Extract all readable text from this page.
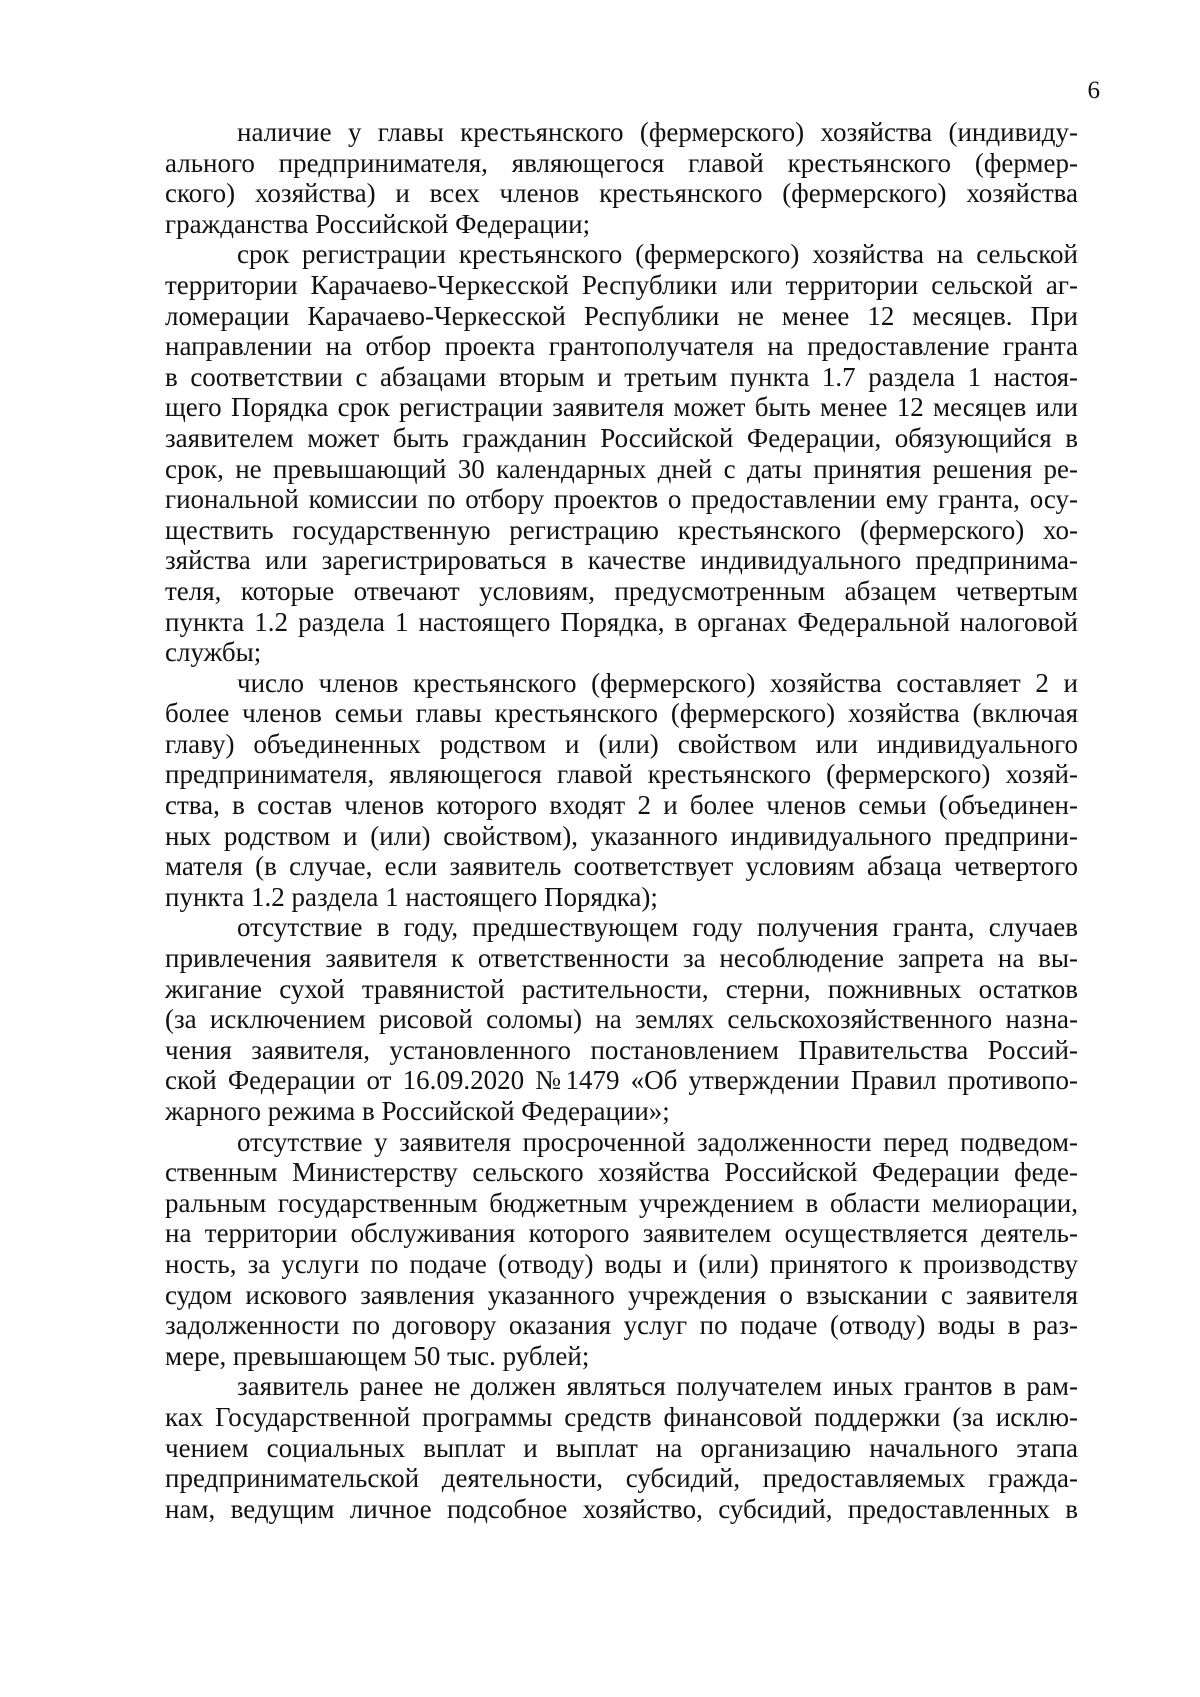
6
наличие у главы крестьянского (фермерского) хозяйства (индивиду-
ального предпринимателя, являющегося главой крестьянского (фермер-
ского) хозяйства) и всех членов крестьянского (фермерского) хозяйства
гражданства Российской Федерации;
срок регистрации крестьянского (фермерского) хозяйства на сельской
территории Карачаево-Черкесской Республики или территории сельской аг-
ломерации Карачаево-Черкесской Республики не менее 12 месяцев. При
направлении на отбор проекта грантополучателя на предоставление гранта
в соответствии с абзацами вторым и третьим пункта 1.7 раздела 1 настоя-
щего Порядка срок регистрации заявителя может быть менее 12 месяцев или
заявителем может быть гражданин Российской Федерации, обязующийся в
срок, не превышающий 30 календарных дней с даты принятия решения ре-
гиональной комиссии по отбору проектов о предоставлении ему гранта, осу-
ществить государственную регистрацию крестьянского (фермерского) хо-
зяйства или зарегистрироваться в качестве индивидуального предпринима-
теля, которые отвечают условиям, предусмотренным абзацем четвертым
пункта 1.2 раздела 1 настоящего Порядка, в органах Федеральной налоговой
службы;
число членов крестьянского (фермерского) хозяйства составляет 2 и
более членов семьи главы крестьянского (фермерского) хозяйства (включая
главу) объединенных родством и (или) свойством или индивидуального
предпринимателя, являющегося главой крестьянского (фермерского) хозяй-
ства, в состав членов которого входят 2 и более членов семьи (объединен-
ных родством и (или) свойством), указанного индивидуального предприни-
мателя (в случае, если заявитель соответствует условиям абзаца четвертого
пункта 1.2 раздела 1 настоящего Порядка);
отсутствие в году, предшествующем году получения гранта, случаев
привлечения заявителя к ответственности за несоблюдение запрета на вы-
жигание сухой травянистой растительности, стерни, пожнивных остатков
(за исключением рисовой соломы) на землях сельскохозяйственного назна-
чения заявителя, установленного постановлением Правительства Россий-
ской Федерации от 16.09.2020 №1479 «Об утверждении Правил противопо-
жарного режима в Российской Федерации»;
отсутствие у заявителя просроченной задолженности перед подведом-
ственным Министерству сельского хозяйства Российской Федерации феде-
ральным государственным бюджетным учреждением в области мелиорации,
на территории обслуживания которого заявителем осуществляется деятель-
ность, за услуги по подаче (отводу) воды и (или) принятого к производству
судом искового заявления указанного учреждения о взыскании с заявителя
задолженности по договору оказания услуг по подаче (отводу) воды в раз-
мере, превышающем 50 тыс. рублей;
заявитель ранее не должен являться получателем иных грантов в рам-
ках Государственной программы средств финансовой поддержки (за исклю-
чением социальных выплат и выплат на организацию начального этапа
предпринимательской деятельности, субсидий, предоставляемых гражда-
нам, ведущим личное подсобное хозяйство, субсидий, предоставленных в
